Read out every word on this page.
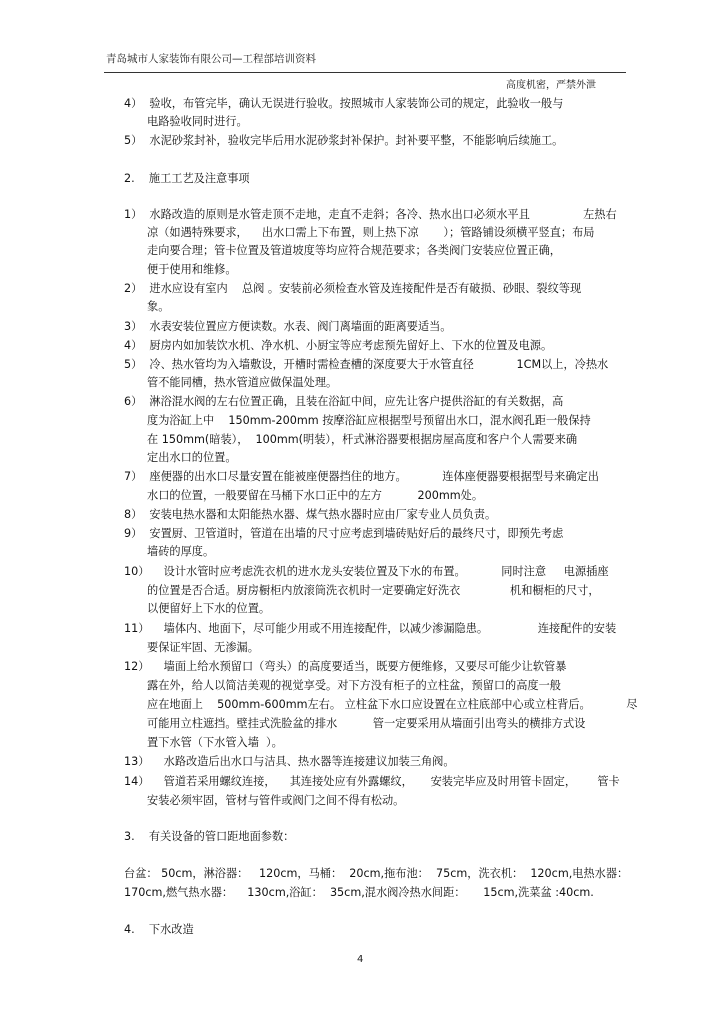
青岛城市人家装饰有限公司—工程部培训资料
高度机密，严禁外泄
4）  验收，布管完毕，确认无误进行验收。按照城市人家装饰公司的规定，此验收一般与
电路验收同时进行。
5）  水泥砂浆封补，验收完毕后用水泥砂浆封补保护。封补要平整，不能影响后续施工。
2.    施工工艺及注意事项
1）  水路改造的原则是水管走顶不走地，走直不走斜；各冷、热水出口必须水平且               左热右
凉（如遇特殊要求，    出水口需上下布置，则上热下凉       ）；管路铺设须横平竖直；布局
走向要合理；管卡位置及管道坡度等均应符合规范要求；各类阀门安装应位置正确，
便于使用和维修。
2）  进水应设有室内    总阀 。安装前必须检查水管及连接配件是否有破损、砂眼、裂纹等现
象。
3）  水表安装位置应方便读数。水表、阀门离墙面的距离要适当。
4）  厨房内如加装饮水机、净水机、小厨宝等应考虑预先留好上、下水的位置及电源。
5）  冷、热水管均为入墙敷设，开槽时需检查槽的深度要大于水管直径            1CM以上，冷热水
管不能同槽，热水管道应做保温处理。
6）  淋浴混水阀的左右位置正确，且装在浴缸中间，应先让客户提供浴缸的有关数据，高
度为浴缸上中    150mm-200mm 按摩浴缸应根据型号预留出水口，混水阀孔距一般保持
在 150mm(暗装），  100mm(明装），杆式淋浴器要根据房屋高度和客户个人需要来确
定出水口的位置。
7）  座便器的出水口尽量安置在能被座便器挡住的地方。          连体座便器要根据型号来确定出
水口的位置，一般要留在马桶下水口正中的左方          200mm处。
8）  安装电热水器和太阳能热水器、煤气热水器时应由厂家专业人员负责。
9）  安置厨、卫管道时，管道在出墙的尺寸应考虑到墙砖贴好后的最终尺寸，即预先考虑
墙砖的厚度。
10）    设计水管时应考虑洗衣机的进水龙头安装位置及下水的布置。          同时注意     电源插座
的位置是否合适。厨房橱柜内放滚筒洗衣机时一定要确定好洗衣              机和橱柜的尺寸，
以便留好上下水的位置。
11）    墙体内、地面下，尽可能少用或不用连接配件，以减少渗漏隐患。              连接配件的安装
要保证牢固、无渗漏。
12）    墙面上给水预留口（弯头）的高度要适当，既要方便维修，又要尽可能少让软管暴
露在外，给人以简洁美观的视觉享受。对下方没有柜子的立柱盆，预留口的高度一般
应在地面上    500mm-600mm左右。 立柱盆下水口应设置在立柱底部中心或立柱背后。          尽
可能用立柱遮挡。壁挂式洗脸盆的排水          管一定要采用从墙面引出弯头的横排方式设
置下水管（下水管入墙  ）。
13）    水路改造后出水口与洁具、热水器等连接建议加装三角阀。
14）    管道若采用螺纹连接，    其连接处应有外露螺纹，     安装完毕应及时用管卡固定，      管卡
安装必须牢固，管材与管件或阀门之间不得有松动。
3.    有关设备的管口距地面参数：
台盆： 50cm，淋浴器：   120cm，马桶：  20cm,拖布池：  75cm，洗衣机：  120cm,电热水器：
170cm,燃气热水器：    130cm,浴缸：  35cm,混水阀冷热水间距：     15cm,洗菜盆 :40cm.
4.    下水改造
4
